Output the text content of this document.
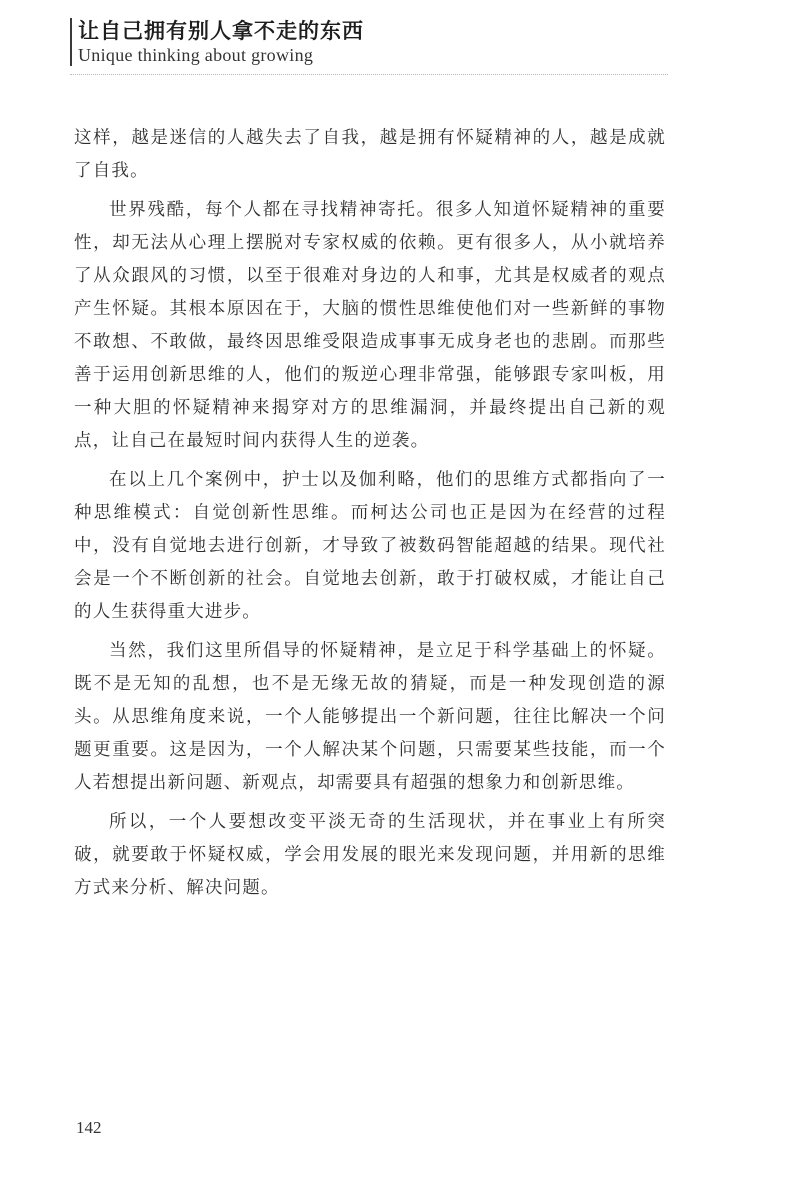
让自己拥有别人拿不走的东西
Unique thinking about growing

这样，越是迷信的人越失去了自我，越是拥有怀疑精神的人，越是成就了自我。

世界残酷，每个人都在寻找精神寄托。很多人知道怀疑精神的重要性，却无法从心理上摆脱对专家权威的依赖。更有很多人，从小就培养了从众跟风的习惯，以至于很难对身边的人和事，尤其是权威者的观点产生怀疑。其根本原因在于，大脑的惯性思维使他们对一些新鲜的事物不敢想、不敢做，最终因思维受限造成事事无成身老也的悲剧。而那些善于运用创新思维的人，他们的叛逆心理非常强，能够跟专家叫板，用一种大胆的怀疑精神来揭穿对方的思维漏洞，并最终提出自己新的观点，让自己在最短时间内获得人生的逆袭。

在以上几个案例中，护士以及伽利略，他们的思维方式都指向了一种思维模式：自觉创新性思维。而柯达公司也正是因为在经营的过程中，没有自觉地去进行创新，才导致了被数码智能超越的结果。现代社会是一个不断创新的社会。自觉地去创新，敢于打破权威，才能让自己的人生获得重大进步。

当然，我们这里所倡导的怀疑精神，是立足于科学基础上的怀疑。既不是无知的乱想，也不是无缘无故的猜疑，而是一种发现创造的源头。从思维角度来说，一个人能够提出一个新问题，往往比解决一个问题更重要。这是因为，一个人解决某个问题，只需要某些技能，而一个人若想提出新问题、新观点，却需要具有超强的想象力和创新思维。

所以，一个人要想改变平淡无奇的生活现状，并在事业上有所突破，就要敢于怀疑权威，学会用发展的眼光来发现问题，并用新的思维方式来分析、解决问题。

142
